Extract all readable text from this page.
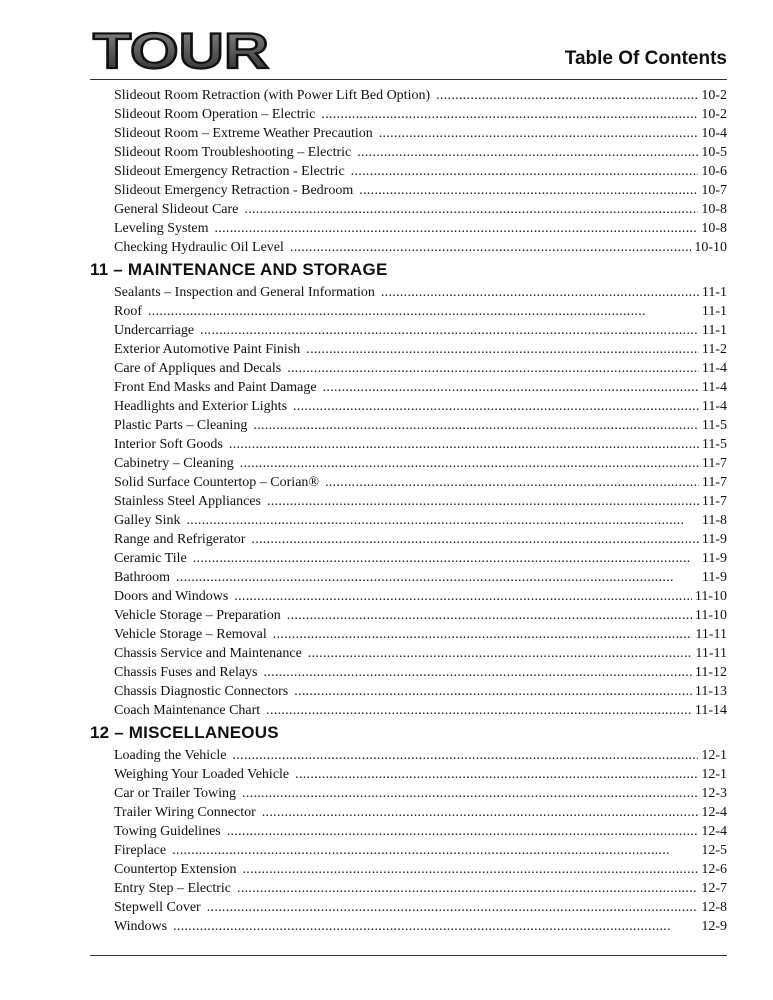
TOUR	Table Of Contents
Slideout Room Retraction (with Power Lift Bed Option) . . .	10-2
Slideout Room Operation – Electric . . .	10-2
Slideout Room – Extreme Weather Precaution . . .	10-4
Slideout Room Troubleshooting – Electric . . .	10-5
Slideout Emergency Retraction - Electric . . .	10-6
Slideout Emergency Retraction - Bedroom . . .	10-7
General Slideout Care . . .	10-8
Leveling System . . .	10-8
Checking Hydraulic Oil Level . . .	10-10
11 – MAINTENANCE AND STORAGE
Sealants – Inspection and General Information . . .	11-1
Roof . . .	11-1
Undercarriage . . .	11-1
Exterior Automotive Paint Finish . . .	11-2
Care of Appliques and Decals . . .	11-4
Front End Masks and Paint Damage . . .	11-4
Headlights and Exterior Lights . . .	11-4
Plastic Parts – Cleaning . . .	11-5
Interior Soft Goods . . .	11-5
Cabinetry – Cleaning . . .	11-7
Solid Surface Countertop – Corian® . . .	11-7
Stainless Steel Appliances . . .	11-7
Galley Sink . . .	11-8
Range and Refrigerator . . .	11-9
Ceramic Tile . . .	11-9
Bathroom . . .	11-9
Doors and Windows . . .	11-10
Vehicle Storage – Preparation . . .	11-10
Vehicle Storage – Removal . . .	11-11
Chassis Service and Maintenance . . .	11-11
Chassis Fuses and Relays . . .	11-12
Chassis Diagnostic Connectors . . .	11-13
Coach Maintenance Chart . . .	11-14
12 – MISCELLANEOUS
Loading the Vehicle . . .	12-1
Weighing Your Loaded Vehicle . . .	12-1
Car or Trailer Towing . . .	12-3
Trailer Wiring Connector . . .	12-4
Towing Guidelines . . .	12-4
Fireplace . . .	12-5
Countertop Extension . . .	12-6
Entry Step – Electric . . .	12-7
Stepwell Cover . . .	12-8
Windows . . .	12-9
